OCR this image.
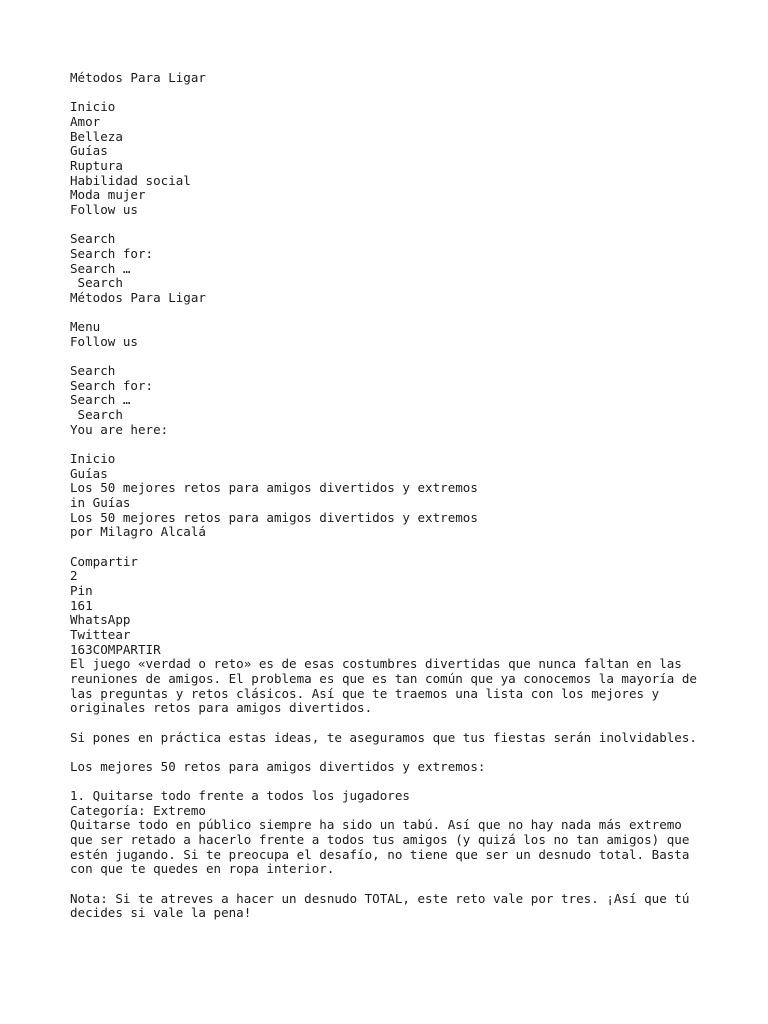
Métodos Para Ligar
Inicio
Amor
Belleza
Guías
Ruptura
Habilidad social
Moda mujer
Follow us
Search
Search for:
Search …
Search
Métodos Para Ligar
Menu
Follow us
Search
Search for:
Search …
Search
You are here:
Inicio
Guías
Los 50 mejores retos para amigos divertidos y extremos
in Guías
Los 50 mejores retos para amigos divertidos y extremos
por Milagro Alcalá
Compartir
2
Pin
161
WhatsApp
Twittear
163COMPARTIR
El juego «verdad o reto» es de esas costumbres divertidas que nunca faltan en las
reuniones de amigos. El problema es que es tan común que ya conocemos la mayoría de
las preguntas y retos clásicos. Así que te traemos una lista con los mejores y
originales retos para amigos divertidos.
Si pones en práctica estas ideas, te aseguramos que tus fiestas serán inolvidables.
Los mejores 50 retos para amigos divertidos y extremos:
1. Quitarse todo frente a todos los jugadores
Categoría: Extremo
Quitarse todo en público siempre ha sido un tabú. Así que no hay nada más extremo
que ser retado a hacerlo frente a todos tus amigos (y quizá los no tan amigos) que
estén jugando. Si te preocupa el desafío, no tiene que ser un desnudo total. Basta
con que te quedes en ropa interior.
Nota: Si te atreves a hacer un desnudo TOTAL, este reto vale por tres. ¡Así que tú
decides si vale la pena!
